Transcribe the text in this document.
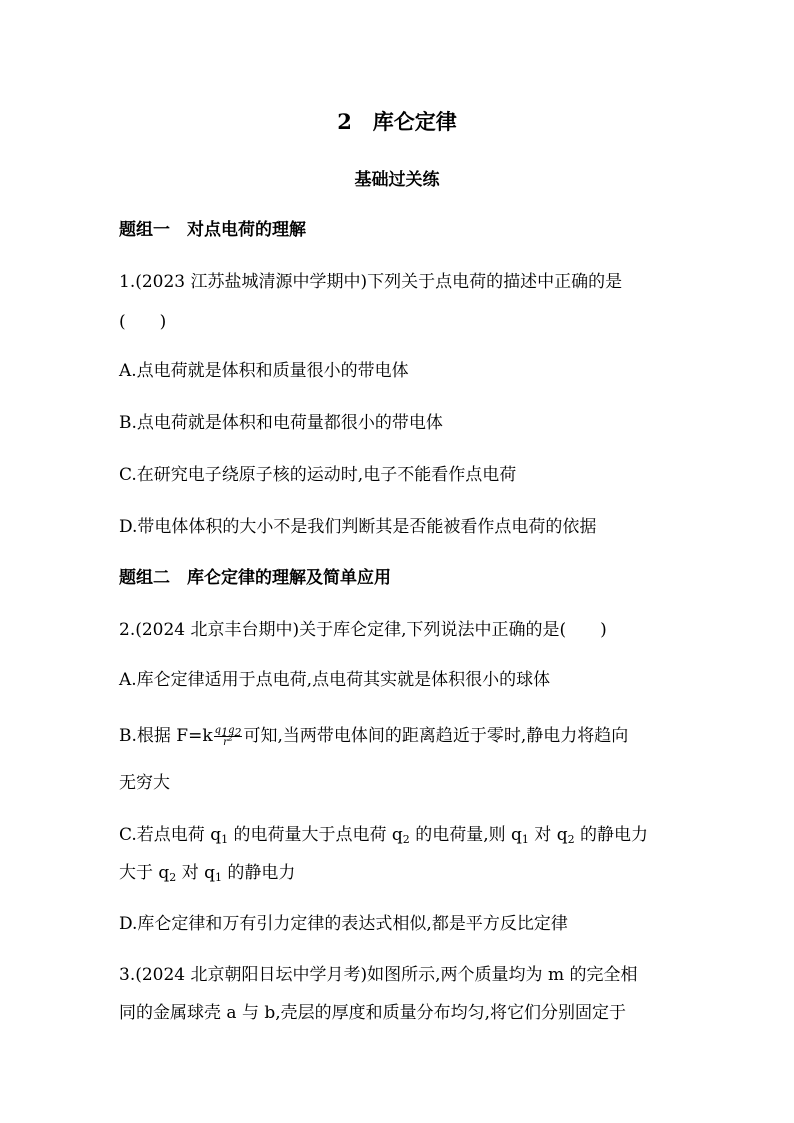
2　库仑定律
基础过关练
题组一　对点电荷的理解
1.(2023 江苏盐城清源中学期中)下列关于点电荷的描述中正确的是
(　　)
A.点电荷就是体积和质量很小的带电体
B.点电荷就是体积和电荷量都很小的带电体
C.在研究电子绕原子核的运动时,电子不能看作点电荷
D.带电体体积的大小不是我们判断其是否能被看作点电荷的依据
题组二　库仑定律的理解及简单应用
2.(2024 北京丰台期中)关于库仑定律,下列说法中正确的是(　　)
A.库仑定律适用于点电荷,点电荷其实就是体积很小的球体
B.根据 $F=k \frac{q_1q_2}{r^2}$ 可知,当两带电体间的距离趋近于零时,静电力将趋向
无穷大
C.若点电荷 $q_1$ 的电荷量大于点电荷 $q_2$ 的电荷量,则 $q_1$ 对 $q_2$ 的静电力
大于 $q_2$ 对 $q_1$ 的静电力
D.库仑定律和万有引力定律的表达式相似,都是平方反比定律
3.(2024 北京朝阳日坛中学月考)如图所示,两个质量均为 m 的完全相
同的金属球壳 a 与 b,壳层的厚度和质量分布均匀,将它们分别固定于
